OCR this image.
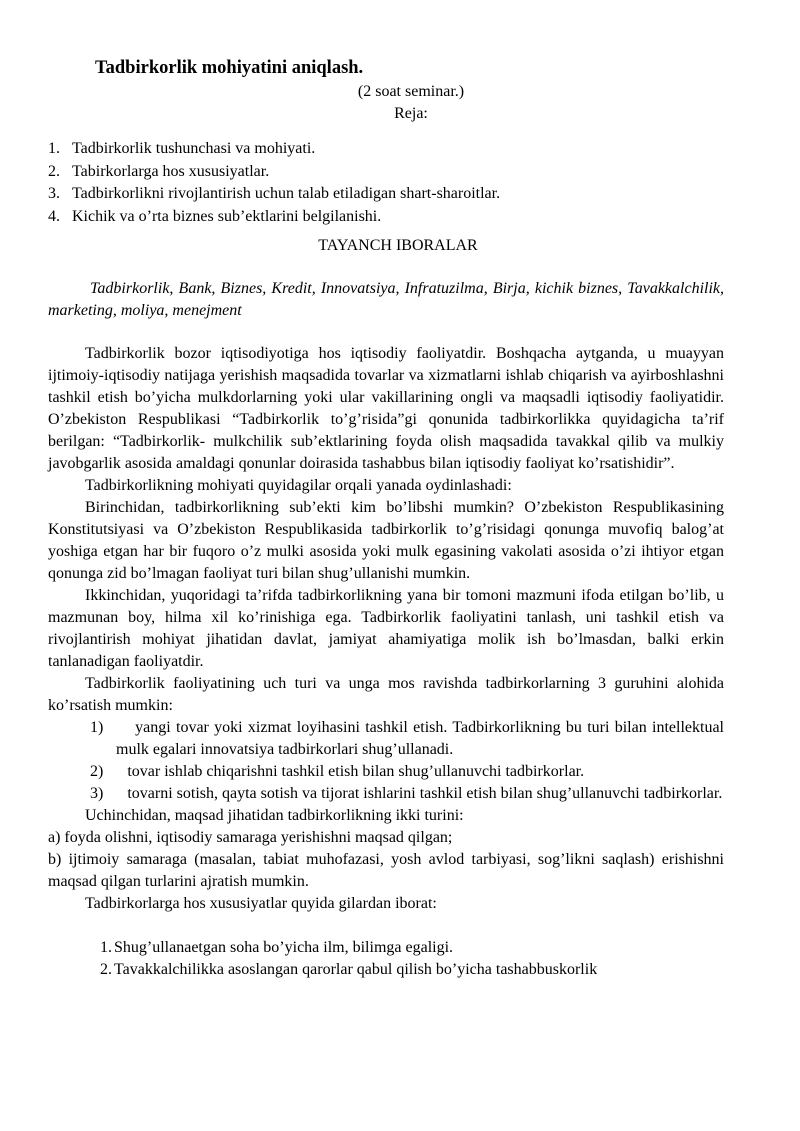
Tadbirkorlik mohiyatini aniqlash.
(2 soat seminar.)
Reja:
1. Tadbirkorlik tushunchasi va mohiyati.
2. Tabirkorlarga hos xususiyatlar.
3. Tadbirkorlikni rivojlantirish uchun talab etiladigan shart-sharoitlar.
4. Kichik va o’rta biznes sub’ektlarini belgilanishi.
TAYANCH IBORALAR
Tadbirkorlik, Bank, Biznes, Kredit, Innovatsiya, Infratuzilma, Birja, kichik biznes, Tavakkalchilik, marketing, moliya, menejment

Tadbirkorlik bozor iqtisodiyotiga hos iqtisodiy faoliyatdir. Boshqacha aytganda, u muayyan ijtimoiy-iqtisodiy natijaga yerishish maqsadida tovarlar va xizmatlarni ishlab chiqarish va ayirboshlashni tashkil etish bo’yicha mulkdorlarning yoki ular vakillarining ongli va maqsadli iqtisodiy faoliyatidir. O’zbekiston Respublikasi “Tadbirkorlik to’g’risida”gi qonunida tadbirkorlikka quyidagicha ta’rif berilgan: “Tadbirkorlik- mulkchilik sub’ektlarining foyda olish maqsadida tavakkal qilib va mulkiy javobgarlik asosida amaldagi qonunlar doirasida tashabbus bilan iqtisodiy faoliyat ko’rsatishidir”.

Tadbirkorlikning mohiyati quyidagilar orqali yanada oydinlashadi:

Birinchidan, tadbirkorlikning sub’ekti kim bo’libshi mumkin? O’zbekiston Respublikasining Konstitutsiyasi va O’zbekiston Respublikasida tadbirkorlik to’g’risidagi qonunga muvofiq balog’at yoshiga etgan har bir fuqoro o’z mulki asosida yoki mulk egasining vakolati asosida o’zi ihtiyor etgan qonunga zid bo’lmagan faoliyat turi bilan shug’ullanishi mumkin.

Ikkinchidan, yuqoridagi ta’rifda tadbirkorlikning yana bir tomoni mazmuni ifoda etilgan bo’lib, u mazmunan boy, hilma xil ko’rinishiga ega. Tadbirkorlik faoliyatini tanlash, uni tashkil etish va rivojlantirish mohiyat jihatidan davlat, jamiyat ahamiyatiga molik ish bo’lmasdan, balki erkin tanlanadigan faoliyatdir.

Tadbirkorlik faoliyatining uch turi va unga mos ravishda tadbirkorlarning 3 guruhini alohida ko’rsatish mumkin:

1) yangi tovar yoki xizmat loyihasini tashkil etish. Tadbirkorlikning bu turi bilan intellektual mulk egalari innovatsiya tadbirkorlari shug’ullanadi.
2) tovar ishlab chiqarishni tashkil etish bilan shug’ullanuvchi tadbirkorlar.
3) tovarni sotish, qayta sotish va tijorat ishlarini tashkil etish bilan shug’ullanuvchi tadbirkorlar.

Uchinchidan, maqsad jihatidan tadbirkorlikning ikki turini:

a) foyda olishni, iqtisodiy samaraga yerishishni maqsad qilgan;
b) ijtimoiy samaraga (masalan, tabiat muhofazasi, yosh avlod tarbiyasi, sog’likni saqlash) erishishni maqsad qilgan turlarini ajratish mumkin.

Tadbirkorlarga hos xususiyatlar quyida gilardan iborat:

1. Shug’ullanaetgan soha bo’yicha ilm, bilimga egaligi.
2. Tavakkalchilikka asoslangan qarorlar qabul qilish bo’yicha tashabbuskorlik
